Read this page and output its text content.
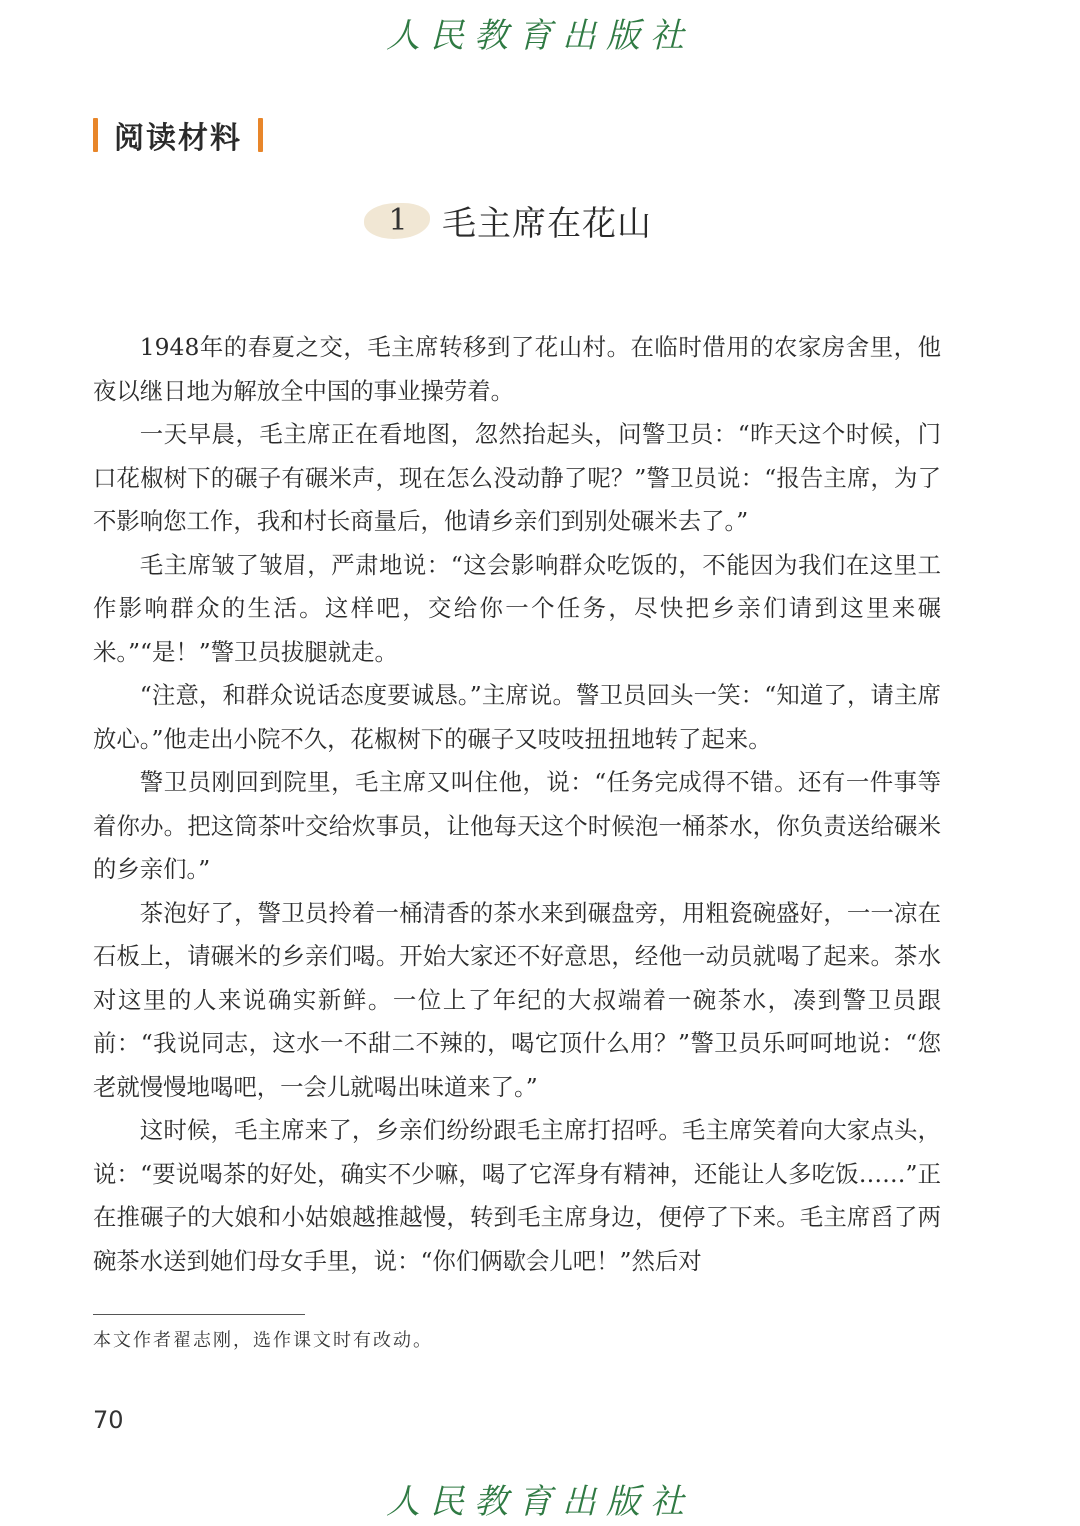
人民教育出版社
阅读材料
1 毛主席在花山

1948年的春夏之交，毛主席转移到了花山村。在临时借用的农家房舍里，他夜以继日地为解放全中国的事业操劳着。

一天早晨，毛主席正在看地图，忽然抬起头，问警卫员：“昨天这个时候，门口花椒树下的碾子有碾米声，现在怎么没动静了呢？”警卫员说：“报告主席，为了不影响您工作，我和村长商量后，他请乡亲们到别处碾米去了。”

毛主席皱了皱眉，严肃地说：“这会影响群众吃饭的，不能因为我们在这里工作影响群众的生活。这样吧，交给你一个任务，尽快把乡亲们请到这里来碾米。”“是！”警卫员拔腿就走。

“注意，和群众说话态度要诚恳。”主席说。警卫员回头一笑：“知道了，请主席放心。”他走出小院不久，花椒树下的碾子又吱吱扭扭地转了起来。

警卫员刚回到院里，毛主席又叫住他，说：“任务完成得不错。还有一件事等着你办。把这筒茶叶交给炊事员，让他每天这个时候泡一桶茶水，你负责送给碾米的乡亲们。”

茶泡好了，警卫员拎着一桶清香的茶水来到碾盘旁，用粗瓷碗盛好，一一凉在石板上，请碾米的乡亲们喝。开始大家还不好意思，经他一动员就喝了起来。茶水对这里的人来说确实新鲜。一位上了年纪的大叔端着一碗茶水，凑到警卫员跟前：“我说同志，这水一不甜二不辣的，喝它顶什么用？”警卫员乐呵呵地说：“您老就慢慢地喝吧，一会儿就喝出味道来了。”

这时候，毛主席来了，乡亲们纷纷跟毛主席打招呼。毛主席笑着向大家点头，说：“要说喝茶的好处，确实不少嘛，喝了它浑身有精神，还能让人多吃饭……”正在推碾子的大娘和小姑娘越推越慢，转到毛主席身边，便停了下来。毛主席舀了两碗茶水送到她们母女手里，说：“你们俩歇会儿吧！”然后对

本文作者翟志刚，选作课文时有改动。
70
人民教育出版社
